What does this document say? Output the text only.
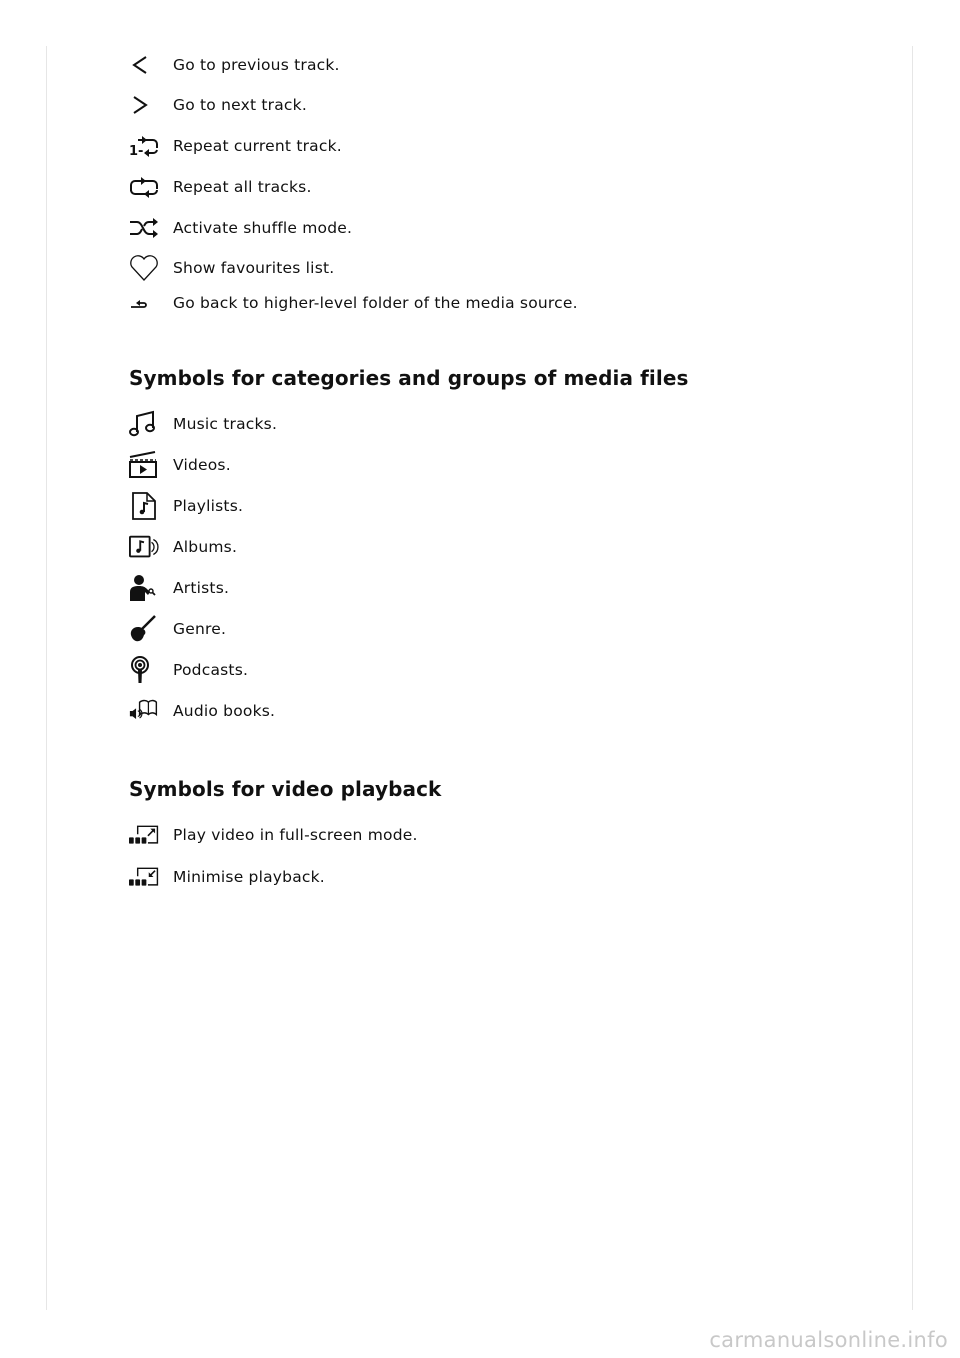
Go to previous track.
Go to next track.
1- Repeat current track.
Repeat all tracks.
Activate shuffle mode.
Show favourites list.
Go back to higher-level folder of the media source.
Symbols for categories and groups of media files
Music tracks.
Videos.
Playlists.
Albums.
Artists.
Genre.
Podcasts.
Audio books.
Symbols for video playback
Play video in full-screen mode.
Minimise playback.
carmanualsonline.info
